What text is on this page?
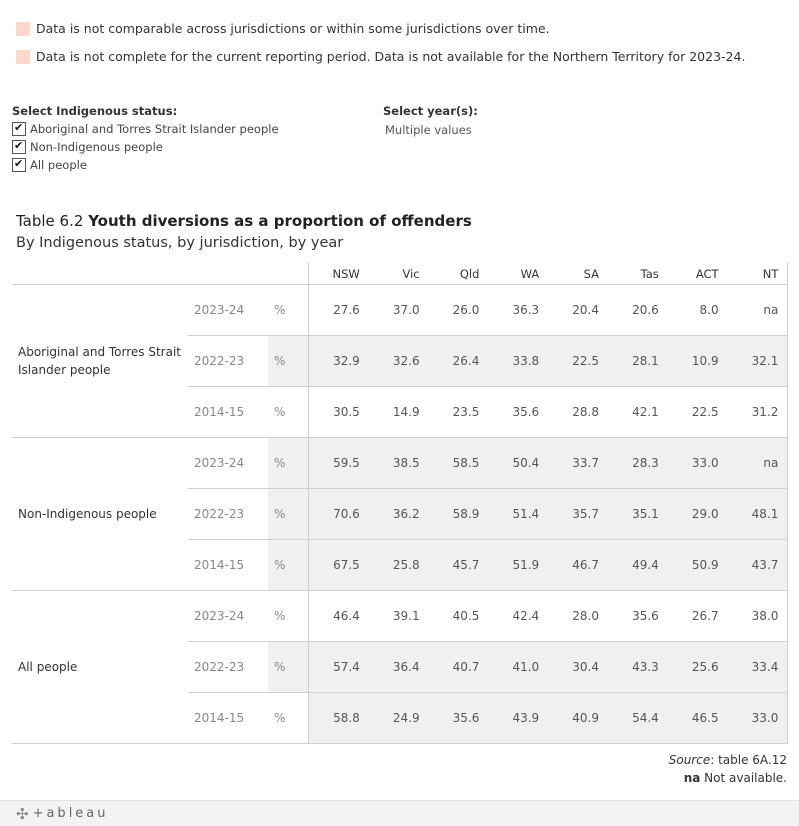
Data is not comparable across jurisdictions or within some jurisdictions over time.
Data is not complete for the current reporting period. Data is not available for the Northern Territory for 2023-24.
Select Indigenous status:
✔
Aboriginal and Torres Strait Islander people
✔
Non-Indigenous people
✔
All people
Select year(s):
Multiple values
Table 6.2 Youth diversions as a proportion of offenders
By Indigenous status, by jurisdiction, by year
NSW	Vic	Qld	WA	SA	Tas	ACT	NT
Aboriginal and Torres Strait Islander people
2023-24 %	27.6	37.0	26.0	36.3	20.4	20.6	8.0	na
2022-23 %	32.9	32.6	26.4	33.8	22.5	28.1	10.9	32.1
2014-15 %	30.5	14.9	23.5	35.6	28.8	42.1	22.5	31.2
Non-Indigenous people
2023-24 %	59.5	38.5	58.5	50.4	33.7	28.3	33.0	na
2022-23 %	70.6	36.2	58.9	51.4	35.7	35.1	29.0	48.1
2014-15 %	67.5	25.8	45.7	51.9	46.7	49.4	50.9	43.7
All people
2023-24 %	46.4	39.1	40.5	42.4	28.0	35.6	26.7	38.0
2022-23 %	57.4	36.4	40.7	41.0	30.4	43.3	25.6	33.4
2014-15 %	58.8	24.9	35.6	43.9	40.9	54.4	46.5	33.0
Source: table 6A.12
na Not available.
✣ +ableau
